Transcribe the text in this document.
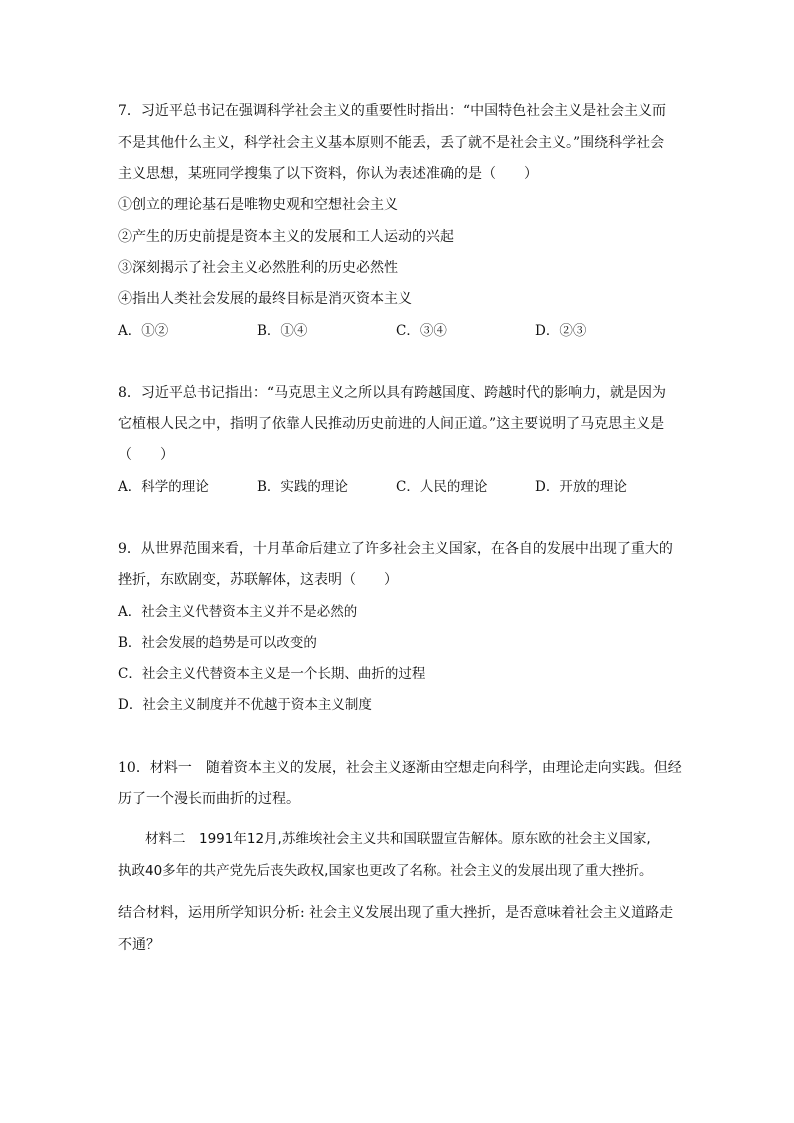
7．习近平总书记在强调科学社会主义的重要性时指出：“中国特色社会主义是社会主义而
不是其他什么主义，科学社会主义基本原则不能丢，丢了就不是社会主义。”围绕科学社会
主义思想，某班同学搜集了以下资料，你认为表述准确的是（　　）
①创立的理论基石是唯物史观和空想社会主义
②产生的历史前提是资本主义的发展和工人运动的兴起
③深刻揭示了社会主义必然胜利的历史必然性
④指出人类社会发展的最终目标是消灭资本主义
A．①②	B．①④	C．③④	D．②③
8．习近平总书记指出：“马克思主义之所以具有跨越国度、跨越时代的影响力，就是因为
它植根人民之中，指明了依靠人民推动历史前进的人间正道。”这主要说明了马克思主义是
（　　）
A．科学的理论	B．实践的理论	C．人民的理论	D．开放的理论
9．从世界范围来看，十月革命后建立了许多社会主义国家，在各自的发展中出现了重大的
挫折，东欧剧变，苏联解体，这表明（　　）
A．社会主义代替资本主义并不是必然的
B．社会发展的趋势是可以改变的
C．社会主义代替资本主义是一个长期、曲折的过程
D．社会主义制度并不优越于资本主义制度
10．材料一　随着资本主义的发展，社会主义逐渐由空想走向科学，由理论走向实践。但经
历了一个漫长而曲折的过程。
　　材料二　1991年12月,苏维埃社会主义共和国联盟宣告解体。原东欧的社会主义国家,
执政40多年的共产党先后丧失政权,国家也更改了名称。社会主义的发展出现了重大挫折。
结合材料，运用所学知识分析: 社会主义发展出现了重大挫折，是否意味着社会主义道路走
不通？
